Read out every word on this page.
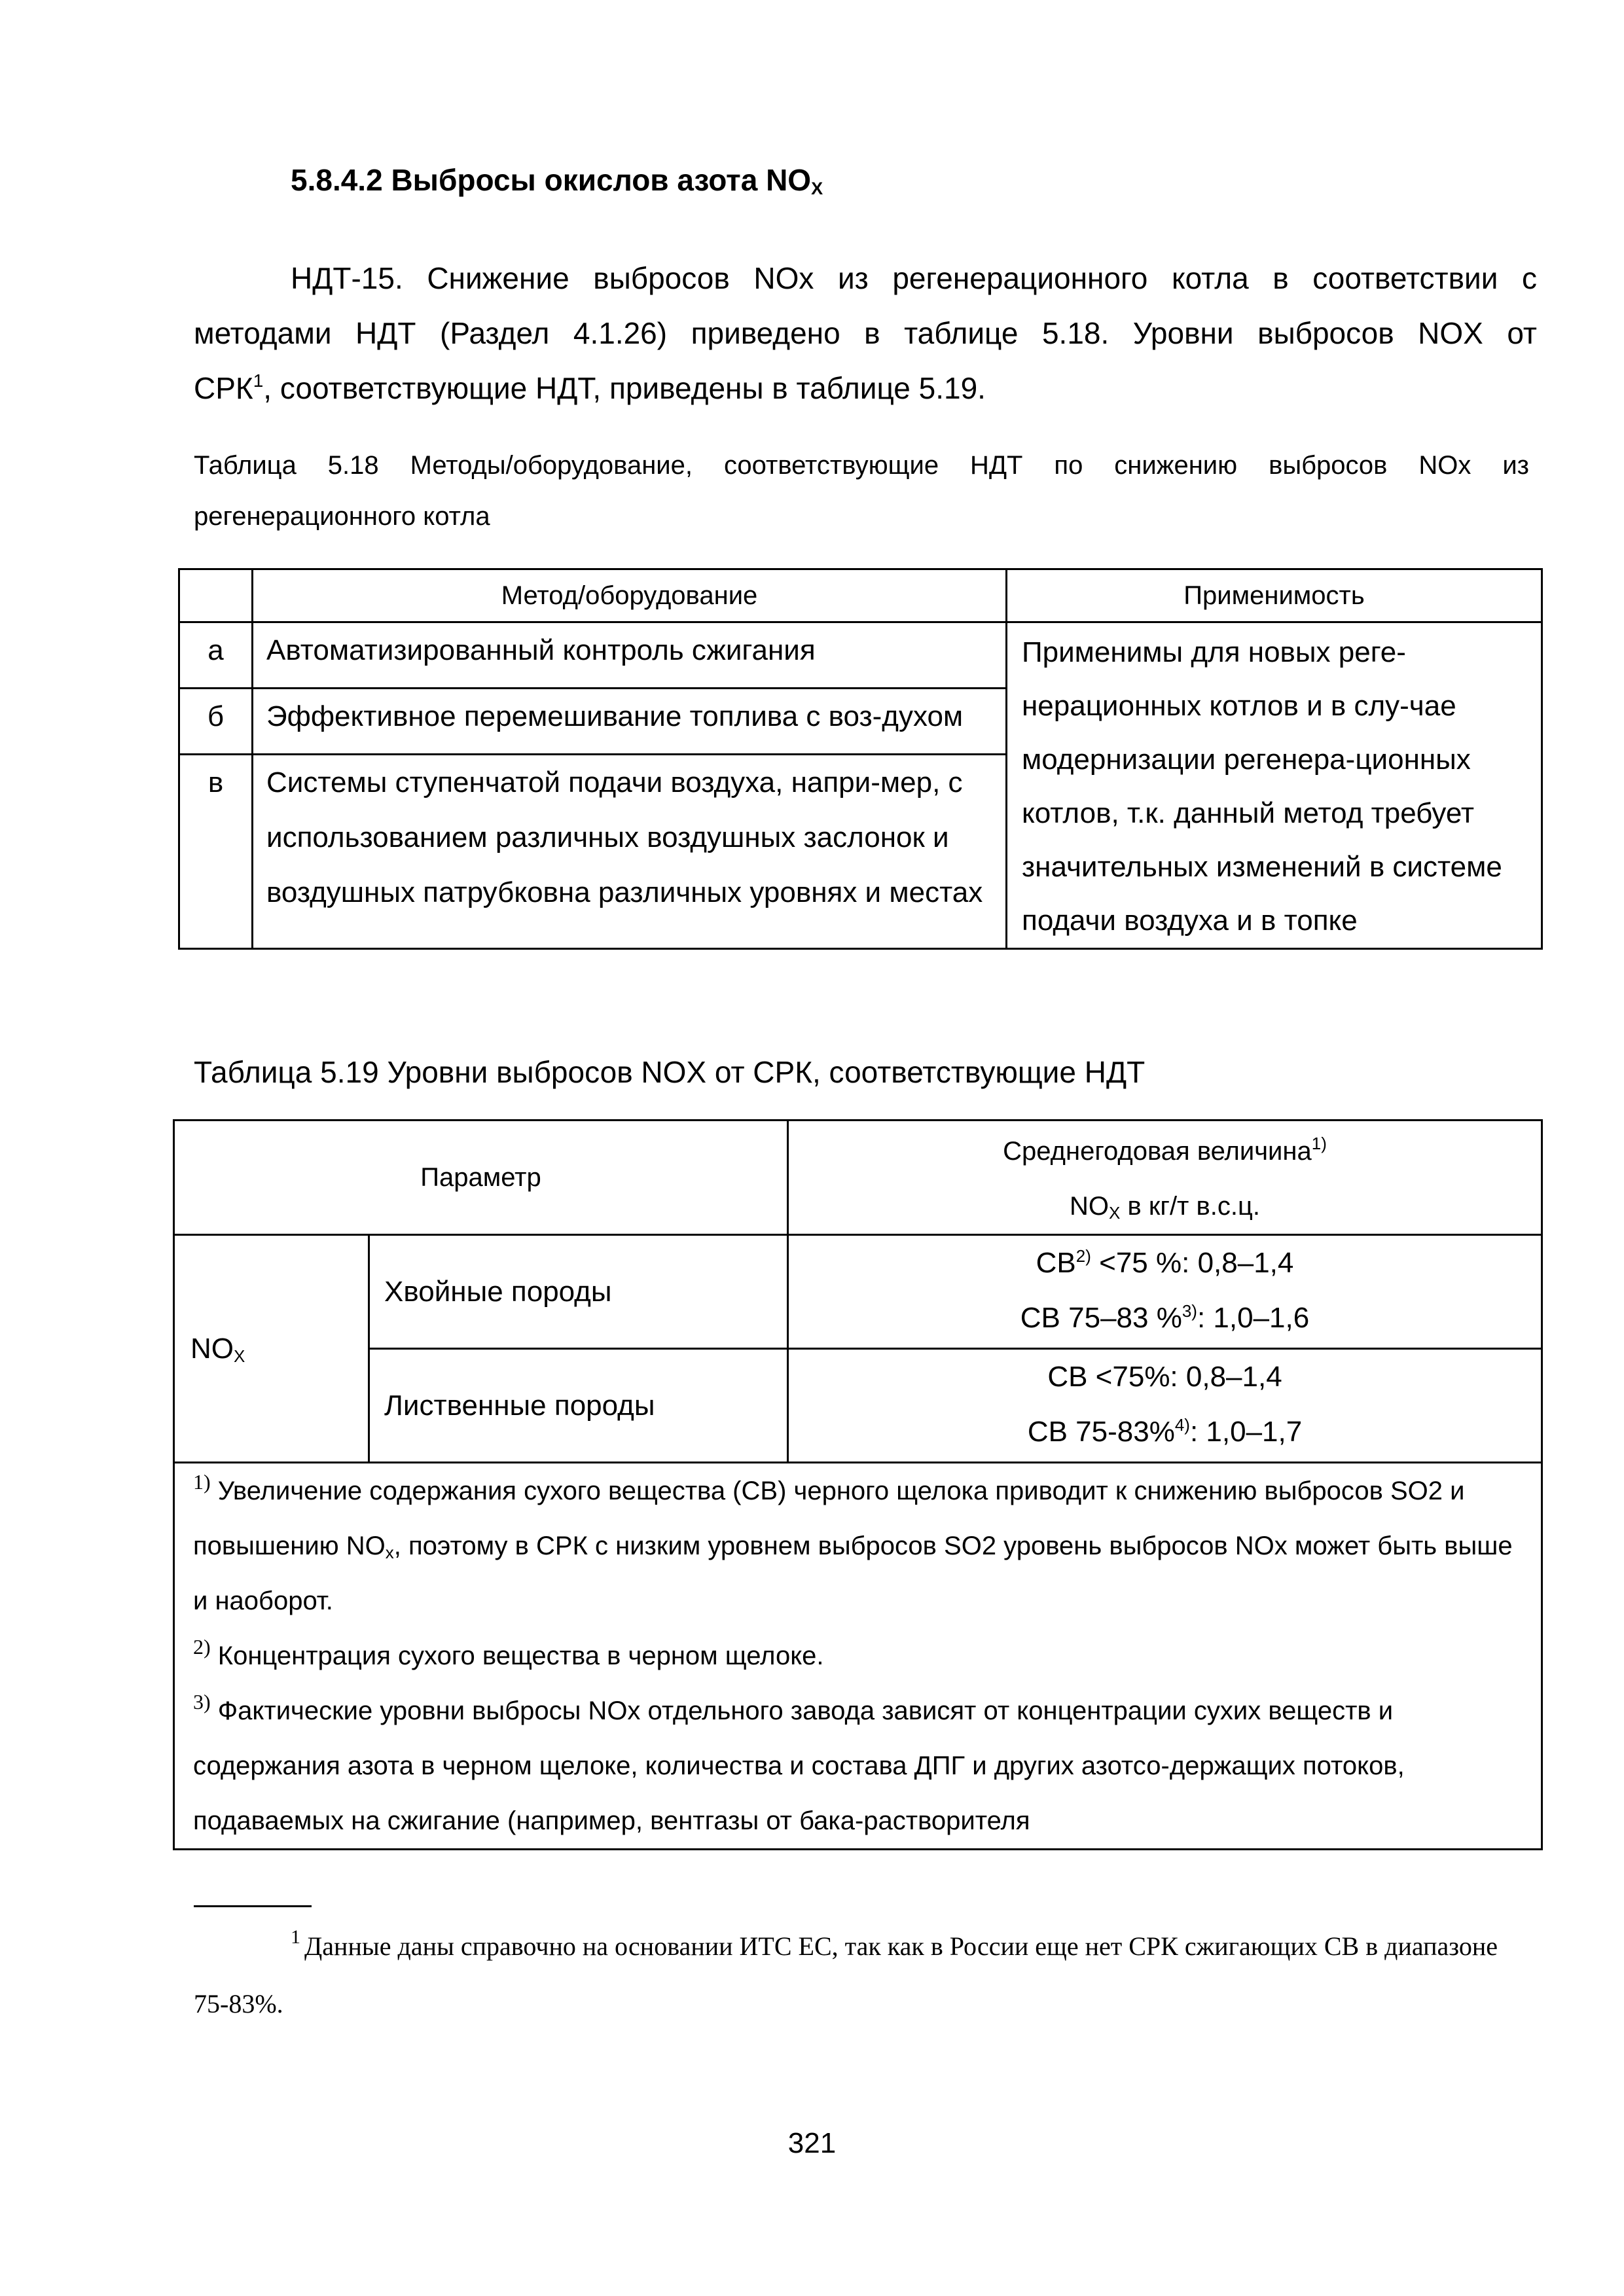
5.8.4.2 Выбросы окислов азота $NO_X$
НДТ-15. Снижение выбросов NOx из регенерационного котла в соответствии с
методами НДТ (Раздел 4.1.26) приведено в таблице 5.18. Уровни выбросов NOX от
СРК$^1$, соответствующие НДТ, приведены в таблице 5.19.
Таблица 5.18 Методы/оборудование, соответствующие НДТ по снижению выбросов NOx из
регенерационного котла
	Метод/оборудование	Применимость
а	Автоматизированный контроль сжигания	Применимы для новых реге-нерационных котлов и в слу-чае модернизации регенера-ционных котлов, т.к. данный метод требует значительных изменений в системе подачи воздуха и в топке
б	Эффективное перемешивание топлива с воз-духом	
в	Системы ступенчатой подачи воздуха, напри-мер, с использованием различных воздушных заслонок и воздушных патрубковна различных уровнях и местах	
Таблица 5.19 Уровни выбросов NOX от СРК, соответствующие НДТ
Параметр		Среднегодовая величина$^{1)}$
NOX в кг/т в.с.ц.

NOX	Хвойные породы	$СВ^{2)} <75$ %: 0,8–1,4
СВ 75–83 %$^{3)}$: 1,0–1,6

	Лиственные породы	СВ <75%: 0,8–1,4
СВ 75-83%$^{4)}$: 1,0–1,7

$^{1)}$ Увеличение содержания сухого вещества (СВ) черного щелока приводит к снижению выбросов SO2 и повышению NOx, поэтому в СРК с низким уровнем выбросов SO2 уровень выбросов NOx может быть выше и наоборот.

$^{2)}$ Концентрация сухого вещества в черном щелоке.

$^{3)}$ Фактические уровни выбросы NOx отдельного завода зависят от концентрации сухих веществ и содержания азота в черном щелоке, количества и состава ДПГ и других азотсо-держащих потоков, подаваемых на сжигание (например, вентгазы от бака-растворителя		

$^1$ Данные даны справочно на основании ИТС ЕС, так как в России еще нет СРК сжигающих СВ в диапазоне 75-83%.
321
